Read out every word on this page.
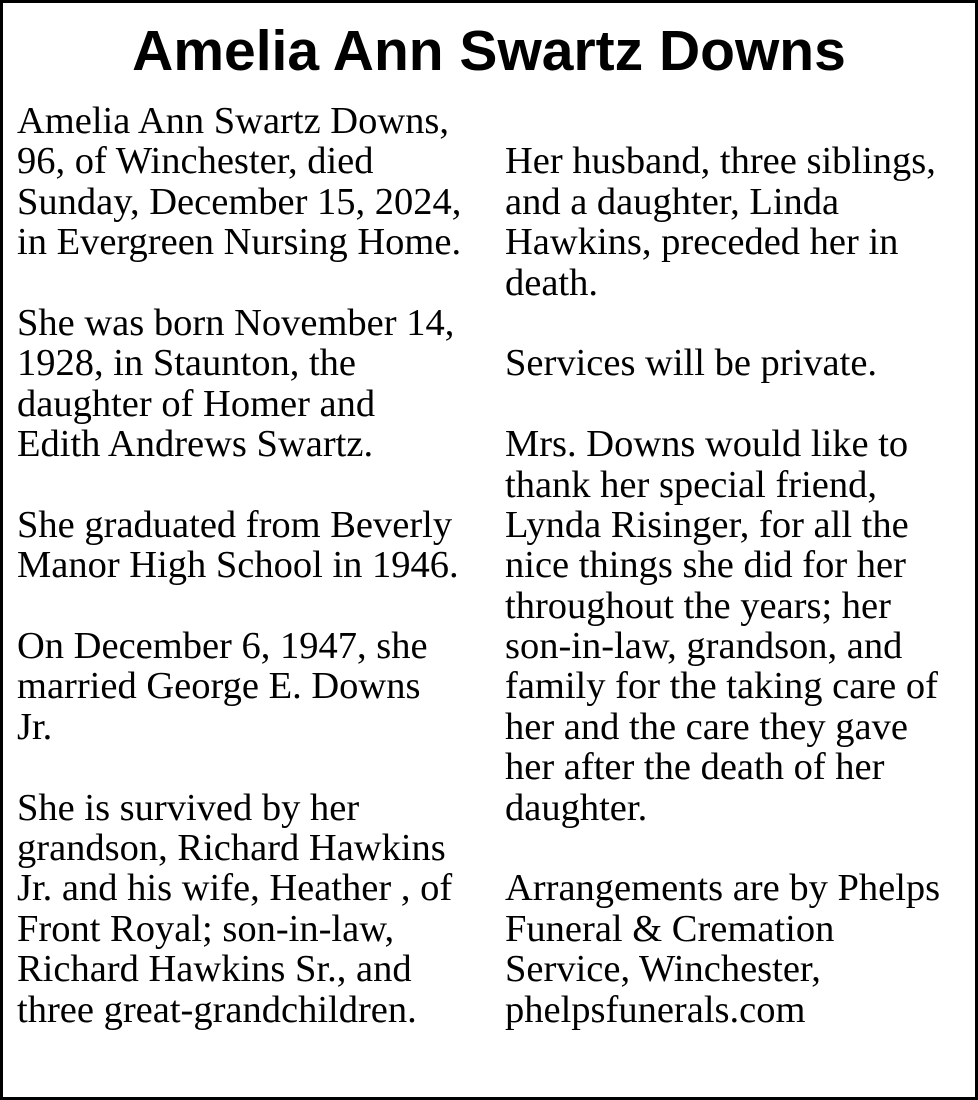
Amelia Ann Swartz Downs
Amelia Ann Swartz Downs,
96, of Winchester, died
Sunday, December 15, 2024,
in Evergreen Nursing Home.
She was born November 14,
1928, in Staunton, the
daughter of Homer and
Edith Andrews Swartz.
She graduated from Beverly
Manor High School in 1946.
On December 6, 1947, she
married George E. Downs
Jr.
She is survived by her
grandson, Richard Hawkins
Jr. and his wife, Heather , of
Front Royal; son-in-law,
Richard Hawkins Sr., and
three great-grandchildren.
Her husband, three siblings,
and a daughter, Linda
Hawkins, preceded her in
death.
Services will be private.
Mrs. Downs would like to
thank her special friend,
Lynda Risinger, for all the
nice things she did for her
throughout the years; her
son-in-law, grandson, and
family for the taking care of
her and the care they gave
her after the death of her
daughter.
Arrangements are by Phelps
Funeral & Cremation
Service, Winchester,
phelpsfunerals.com
